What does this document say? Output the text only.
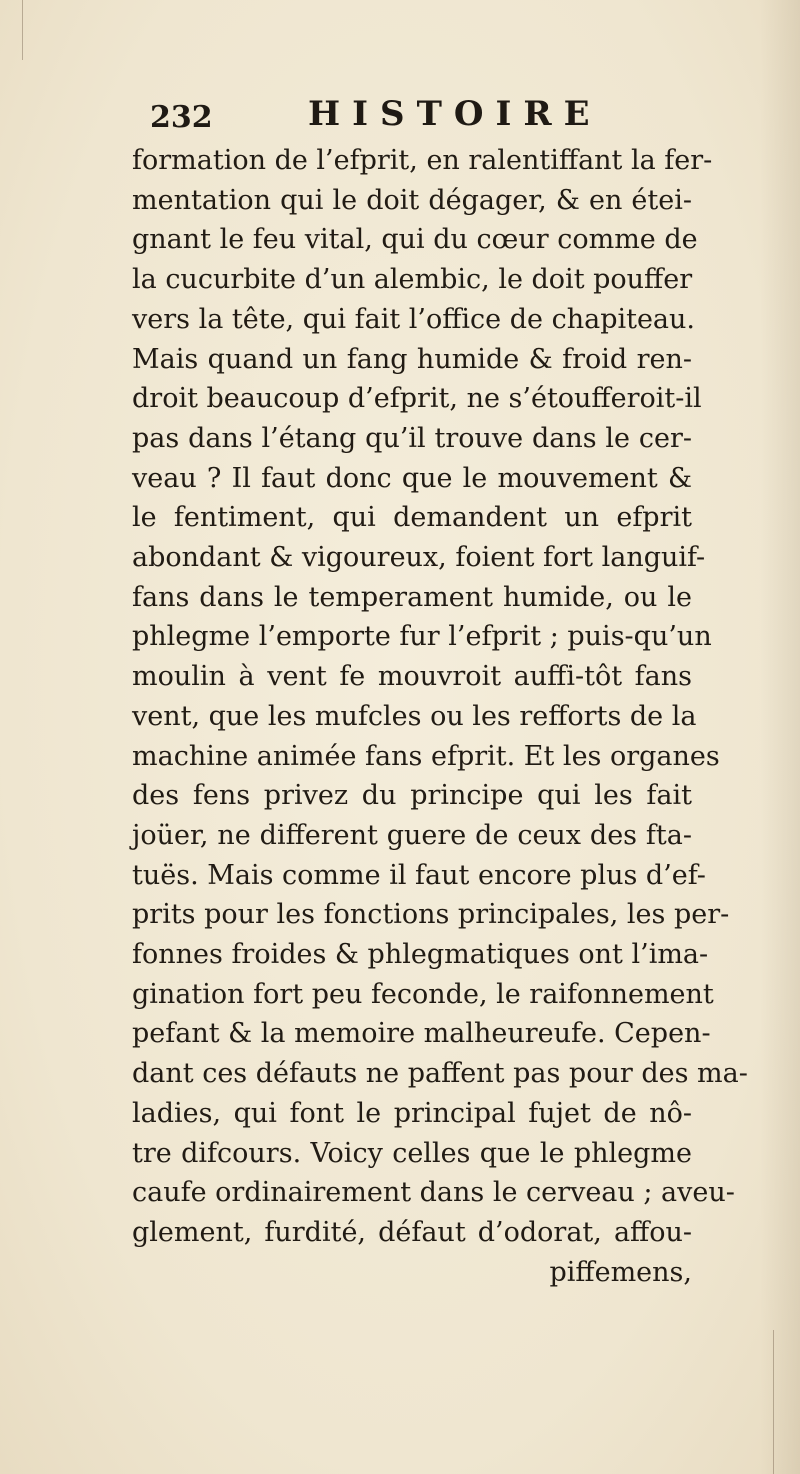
232	HISTOIRE
formation de l’efprit, en ralentiffant la fer-
mentation qui le doit dégager, & en étei-
gnant le feu vital, qui du cœur comme de
la cucurbite d’un alembic, le doit pouffer
vers la tête, qui fait l’office de chapiteau.
Mais quand un fang humide & froid ren-
droit beaucoup d’efprit, ne s’étoufferoit-il
pas dans l’étang qu’il trouve dans le cer-
veau ? Il faut donc que le mouvement &
le fentiment, qui demandent un efprit
abondant & vigoureux, foient fort languif-
fans dans le temperament humide, ou le
phlegme l’emporte fur l’efprit ; puis-qu’un
moulin à vent fe mouvroit auffi-tôt fans
vent, que les mufcles ou les refforts de la
machine animée fans efprit. Et les organes
des fens privez du principe qui les fait
joüer, ne different guere de ceux des fta-
tuës. Mais comme il faut encore plus d’ef-
prits pour les fonctions principales, les per-
fonnes froides & phlegmatiques ont l’ima-
gination fort peu feconde, le raifonnement
pefant & la memoire malheureufe. Cepen-
dant ces défauts ne paffent pas pour des ma-
ladies, qui font le principal fujet de nô-
tre difcours. Voicy celles que le phlegme
caufe ordinairement dans le cerveau ; aveu-
glement, furdité, défaut d’odorat, affou-
piffemens,
